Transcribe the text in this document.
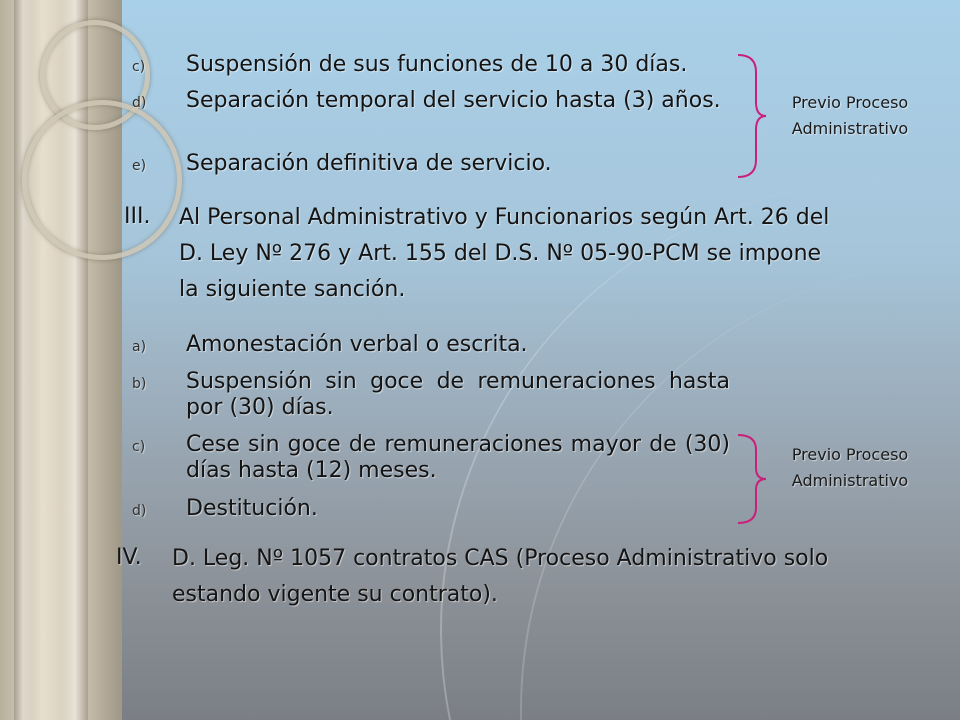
c) Suspensión de sus funciones de 10 a 30 días.

d) Separación temporal del servicio hasta (3) años.

e) Separación definitiva de servicio.

Previo Proceso
Administrativo
III. Al Personal Administrativo y Funcionarios según Art. 26 del
D. Ley Nº 276 y Art. 155 del D.S. Nº 05-90-PCM se impone
la siguiente sanción.
a) Amonestación verbal o escrita.

b) Suspensión sin goce de remuneraciones hasta por (30) días.

c) Cese sin goce de remuneraciones mayor de (30) días hasta (12) meses.

d) Destitución.

Previo Proceso
Administrativo
IV. D. Leg. Nº 1057 contratos CAS (Proceso Administrativo solo
estando vigente su contrato).
